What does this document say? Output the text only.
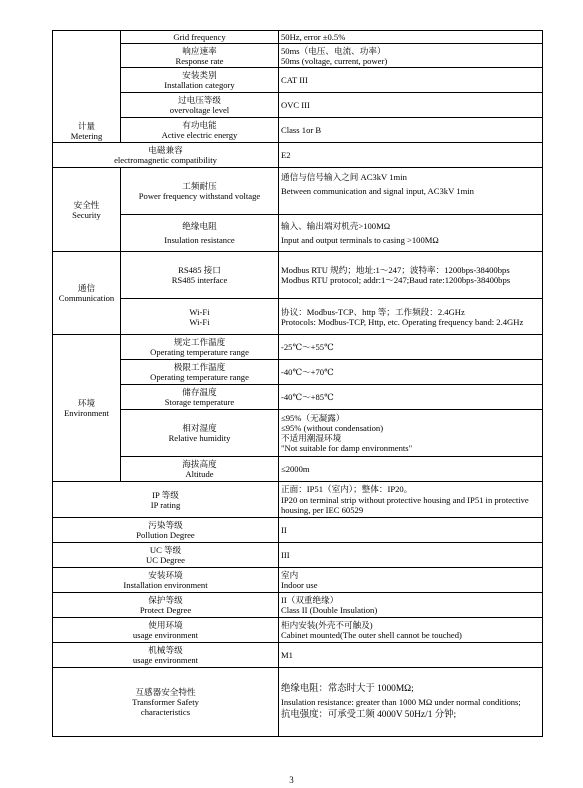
计量
Metering	Grid frequency	50Hz, error ±0.5%

	响应速率
Response rate	50ms（电压、电流、功率）
50ms (voltage, current, power)

	安装类别
Installation category	CAT III

	过电压等级
overvoltage level	OVC III

	有功电能
Active electric energy	Class 1or B

电磁兼容
electromagnetic compatibility		E2

安全性
Security	工频耐压
Power frequency withstand voltage	通信与信号输入之间 AC3kV 1min
Between communication and signal input, AC3kV 1min

	绝缘电阻
Insulation resistance	输入、输出端对机壳>100MΩ
Input and output terminals to casing >100MΩ

通信
Communication	RS485 接口
RS485 interface	Modbus RTU 规约；地址:1～247；波特率：1200bps-38400bps
Modbus RTU protocol; addr:1～247;Baud rate:1200bps-38400bps

	Wi-Fi
Wi-Fi	协议：Modbus-TCP、http 等；工作频段：2.4GHz
Protocols: Modbus-TCP, Http, etc. Operating frequency band: 2.4GHz

环境
Environment	规定工作温度
Operating temperature range	-25℃～+55℃

	极限工作温度
Operating temperature range	-40℃～+70℃

	储存温度
Storage temperature	-40℃～+85℃

	相对湿度
Relative humidity	≤95%（无凝露）
≤95% (without condensation)
不适用潮湿环境
"Not suitable for damp environments"

	海拔高度
Altitude	≤2000m

IP 等级
IP rating		正面：IP51（室内）；整体：IP20。
IP20 on terminal strip without protective housing and IP51 in protective housing, per IEC 60529

污染等级
Pollution Degree		II

UC 等级
UC Degree		III

安装环境
Installation environment		室内
Indoor use

保护等级
Protect Degree		II（双重绝缘）
Class II (Double Insulation)

使用环境
usage environment		柜内安装(外壳不可触及)
Cabinet mounted(The outer shell cannot be touched)

机械等级
usage environment		M1

互感器安全特性
Transformer Safety
characteristics		绝缘电阻：常态时大于 1000MΩ;
Insulation resistance: greater than 1000 MΩ under normal conditions;
抗电强度：可承受工频 4000V 50Hz/1 分钟;
3
